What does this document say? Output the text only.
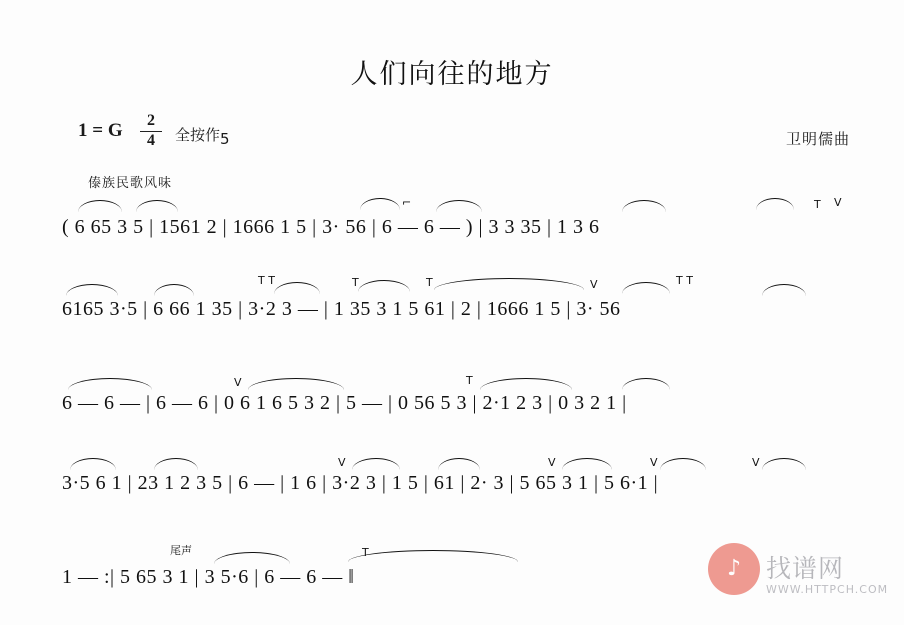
人们向往的地方
1 = G	2
4	全按作5	卫明儒曲
傣族民歌风味
⌐	T V
( 6 65 3 5 | 1561 2 | 1666 1 5 | 3· 56 | 6 — 6 — ) | 3 3 35 | 1 3 6
T T	T	T	V	T T
6165 3·5 | 6 66 1 35 | 3·2 3 — | 1 35 3 1 5 61 | 2 | 1666 1 5 | 3· 56
V	T
6 — 6 — | 6 — 6 | 0 6 1 6 5 3 2 | 5 — | 0 56 5 3 | 2·1 2 3 | 0 3 2 1 |
V	V	V	V
3·5 6 1 | 23 1 2 3 5 | 6 — | 1 6 | 3·2 3 | 1 5 | 61 | 2· 3 | 5 65 3 1 | 5 6·1 |
尾声	T
1 — :| 5 65 3 1 | 3 5·6 | 6 — 6 — ‖	♪ 找谱网
WWW.HTTPCH.COM
